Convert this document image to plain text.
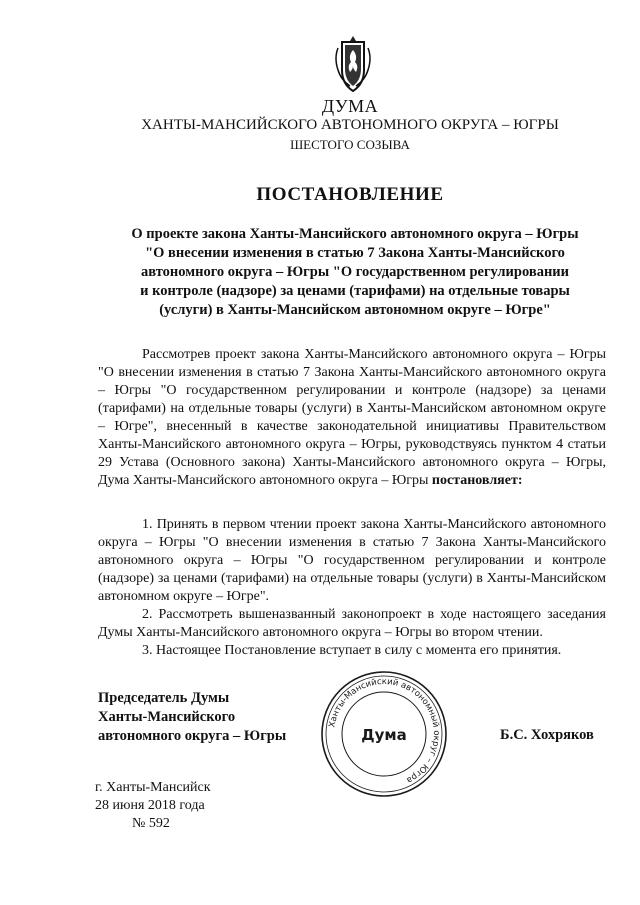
ДУМА
ХАНТЫ-МАНСИЙСКОГО АВТОНОМНОГО ОКРУГА – ЮГРЫ
ШЕСТОГО СОЗЫВА
ПОСТАНОВЛЕНИЕ

О проекте закона Ханты-Мансийского автономного округа – Югры
"О внесении изменения в статью 7 Закона Ханты-Мансийского
автономного округа – Югры "О государственном регулировании
и контроле (надзоре) за ценами (тарифами) на отдельные товары
(услуги) в Ханты-Мансийском автономном округе – Югре"

Рассмотрев проект закона Ханты-Мансийского автономного округа – Югры "О внесении изменения в статью 7 Закона Ханты-Мансийского автономного округа – Югры "О государственном регулировании и контроле (надзоре) за ценами (тарифами) на отдельные товары (услуги) в Ханты-Мансийском автономном округе – Югре", внесенный в качестве законодательной инициативы Правительством Ханты-Мансийского автономного округа – Югры, руководствуясь пунктом 4 статьи 29 Устава (Основного закона) Ханты-Мансийского автономного округа – Югры, Дума Ханты-Мансийского автономного округа – Югры постановляет:

1. Принять в первом чтении проект закона Ханты-Мансийского автономного округа – Югры "О внесении изменения в статью 7 Закона Ханты-Мансийского автономного округа – Югры "О государственном регулировании и контроле (надзоре) за ценами (тарифами) на отдельные товары (услуги) в Ханты-Мансийском автономном округе – Югре".

2. Рассмотреть вышеназванный законопроект в ходе настоящего заседания Думы Ханты-Мансийского автономного округа – Югры во втором чтении.

3. Настоящее Постановление вступает в силу с момента его принятия.

Председатель Думы
Ханты-Мансийского
автономного округа – Югры

Ханты-Мансийский автономный округ – Югра
Дума	Б.С. Хохряков

г. Ханты-Мансийск

28 июня 2018 года

№ 592
